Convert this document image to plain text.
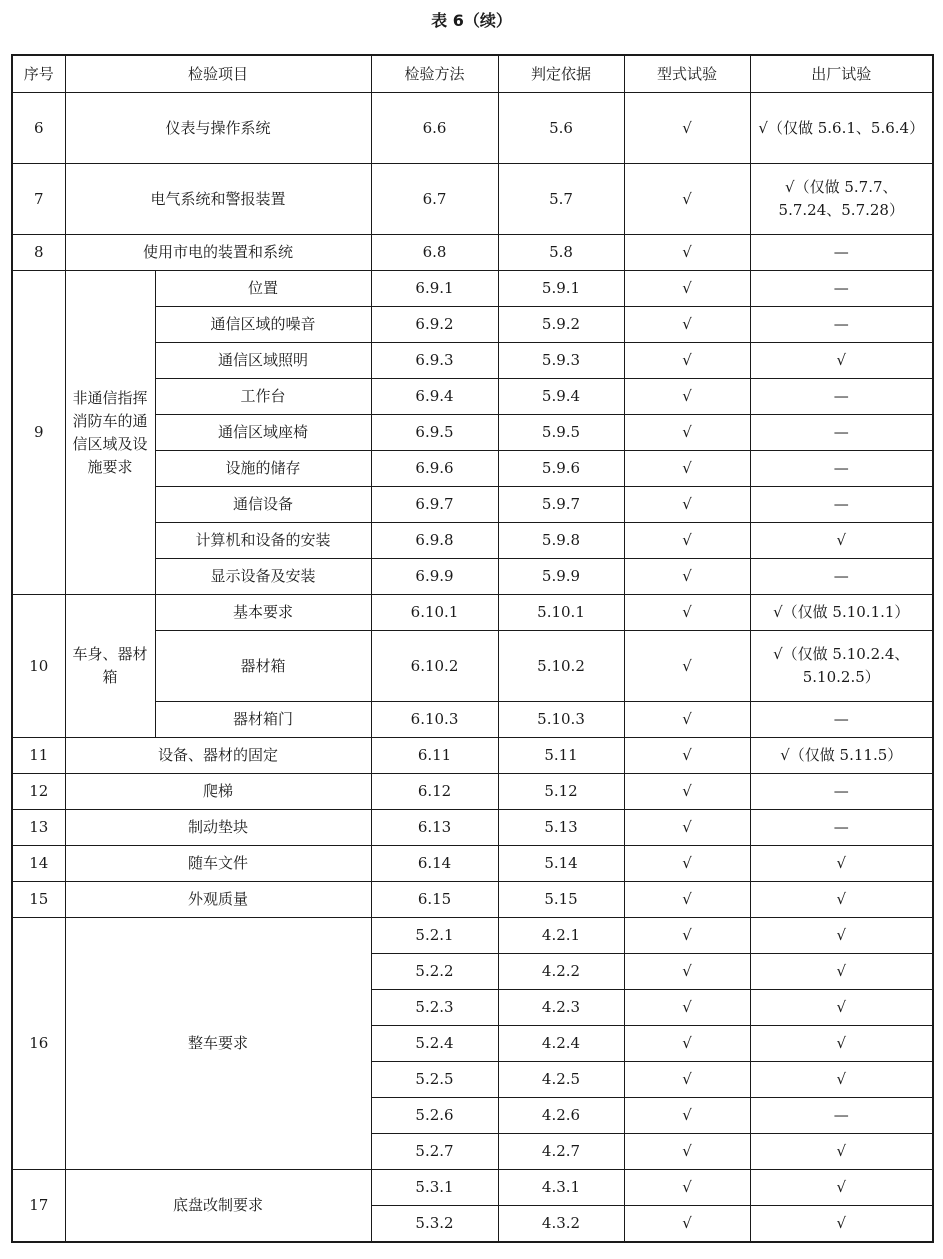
表 6（续）
序号	检验项目		检验方法	判定依据	型式试验	出厂试验
6	仪表与操作系统		6.6	5.6	√	√（仅做 5.6.1、5.6.4）
7	电气系统和警报装置		6.7	5.7	√	√（仅做 5.7.7、5.7.24、5.7.28）
8	使用市电的装置和系统		6.8	5.8	√	—
9	非通信指挥消防车的通信区域及设施要求	位置	6.9.1	5.9.1	√	—
		通信区域的噪音	6.9.2	5.9.2	√	—
		通信区域照明	6.9.3	5.9.3	√	√
		工作台	6.9.4	5.9.4	√	—
		通信区域座椅	6.9.5	5.9.5	√	—
		设施的储存	6.9.6	5.9.6	√	—
		通信设备	6.9.7	5.9.7	√	—
		计算机和设备的安装	6.9.8	5.9.8	√	√
		显示设备及安装	6.9.9	5.9.9	√	—
10	车身、器材箱	基本要求	6.10.1	5.10.1	√	√（仅做 5.10.1.1）
		器材箱	6.10.2	5.10.2	√	√（仅做 5.10.2.4、5.10.2.5）
		器材箱门	6.10.3	5.10.3	√	—
11	设备、器材的固定		6.11	5.11	√	√（仅做 5.11.5）
12	爬梯		6.12	5.12	√	—
13	制动垫块		6.13	5.13	√	—
14	随车文件		6.14	5.14	√	√
15	外观质量		6.15	5.15	√	√
16	整车要求		5.2.1	4.2.1	√	√
			5.2.2	4.2.2	√	√
			5.2.3	4.2.3	√	√
			5.2.4	4.2.4	√	√
			5.2.5	4.2.5	√	√
			5.2.6	4.2.6	√	—
			5.2.7	4.2.7	√	√
17	底盘改制要求		5.3.1	4.3.1	√	√
			5.3.2	4.3.2	√	√
